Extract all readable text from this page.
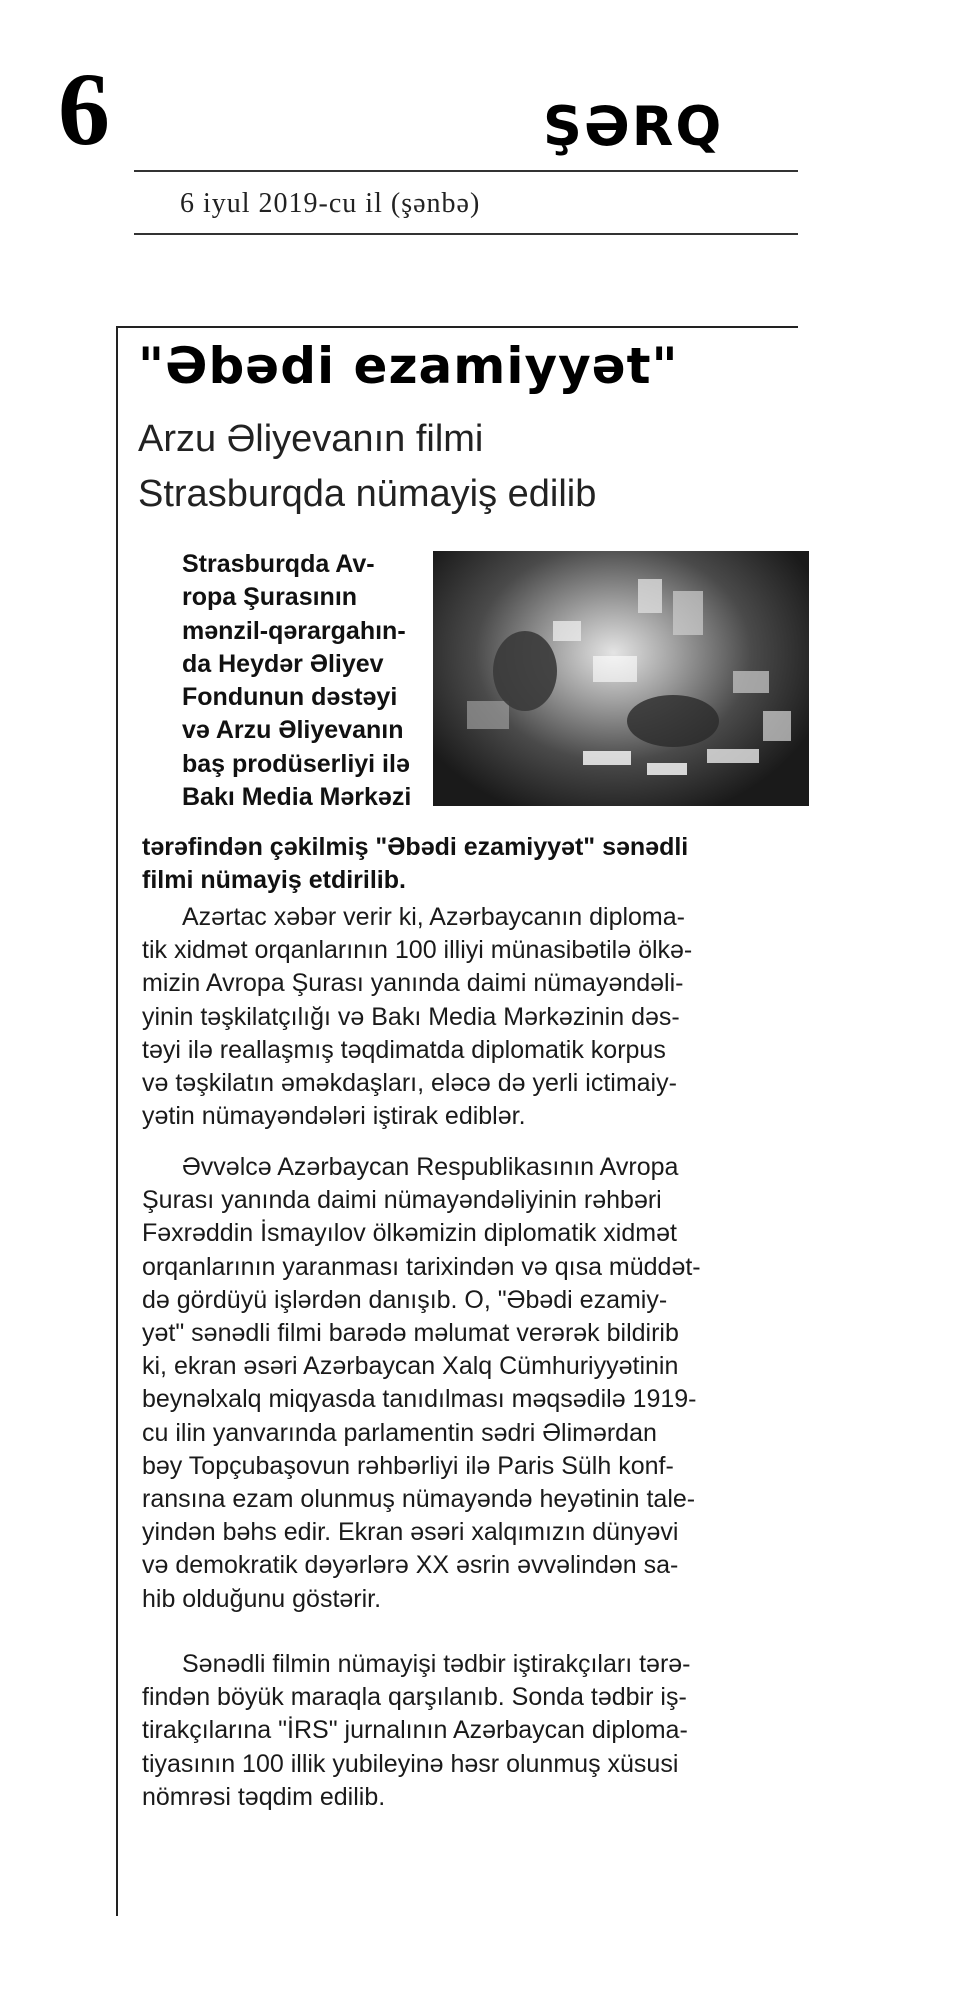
6	ŞƏRQ
6 iyul 2019-cu il (şənbə)
"Əbədi ezamiyyət"
Arzu Əliyevanın filmi
Strasburqda nümayiş edilib
Strasburqda Av-
ropa Şurasının
mənzil-qərargahın-
da Heydər Əliyev
Fondunun dəstəyi
və Arzu Əliyevanın
baş prodüserliyi ilə
Bakı Media Mərkəzi
tərəfindən çəkilmiş "Əbədi ezamiyyət" sənədli
filmi nümayiş etdirilib.
Azərtac xəbər verir ki, Azərbaycanın diploma-
tik xidmət orqanlarının 100 illiyi münasibətilə ölkə-
mizin Avropa Şurası yanında daimi nümayəndəli-
yinin təşkilatçılığı və Bakı Media Mərkəzinin dəs-
təyi ilə reallaşmış təqdimatda diplomatik korpus
və təşkilatın əməkdaşları, eləcə də yerli ictimaiy-
yətin nümayəndələri iştirak ediblər.
Əvvəlcə Azərbaycan Respublikasının Avropa
Şurası yanında daimi nümayəndəliyinin rəhbəri
Fəxrəddin İsmayılov ölkəmizin diplomatik xidmət
orqanlarının yaranması tarixindən və qısa müddət-
də gördüyü işlərdən danışıb. O, "Əbədi ezamiy-
yət" sənədli filmi barədə məlumat verərək bildirib
ki, ekran əsəri Azərbaycan Xalq Cümhuriyyətinin
beynəlxalq miqyasda tanıdılması məqsədilə 1919-
cu ilin yanvarında parlamentin sədri Əlimərdan
bəy Topçubaşovun rəhbərliyi ilə Paris Sülh konf-
ransına ezam olunmuş nümayəndə heyətinin tale-
yindən bəhs edir. Ekran əsəri xalqımızın dünyəvi
və demokratik dəyərlərə XX əsrin əvvəlindən sa-
hib olduğunu göstərir.
Sənədli filmin nümayişi tədbir iştirakçıları tərə-
findən böyük maraqla qarşılanıb. Sonda tədbir iş-
tirakçılarına "İRS" jurnalının Azərbaycan diploma-
tiyasının 100 illik yubileyinə həsr olunmuş xüsusi
nömrəsi təqdim edilib.
